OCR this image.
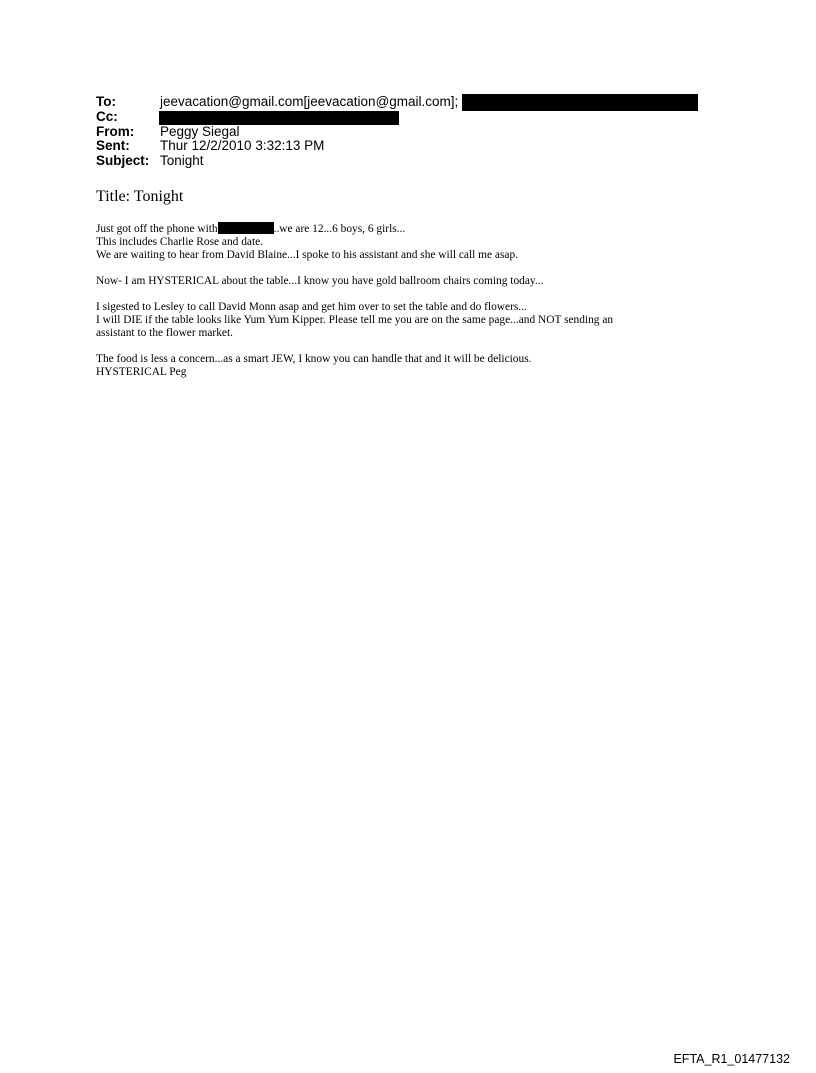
To:	jeevacation@gmail.com[jeevacation@gmail.com];
Cc:
From: Peggy Siegal
Sent: Thur 12/2/2010 3:32:13 PM
Subject: Tonight
Title: Tonight
Just got off the phone with	..we are 12...6 boys, 6 girls...
This includes Charlie Rose and date.
We are waiting to hear from David Blaine...I spoke to his assistant and she will call me asap.
Now- I am HYSTERICAL about the table...I know you have gold ballroom chairs coming today...
I sigested to Lesley to call David Monn asap and get him over to set the table and do flowers...
I will DIE if the table looks like Yum Yum Kipper. Please tell me you are on the same page...and NOT sending an
assistant to the flower market.
The food is less a concern...as a smart JEW, I know you can handle that and it will be delicious.
HYSTERICAL Peg
EFTA_R1_01477132
